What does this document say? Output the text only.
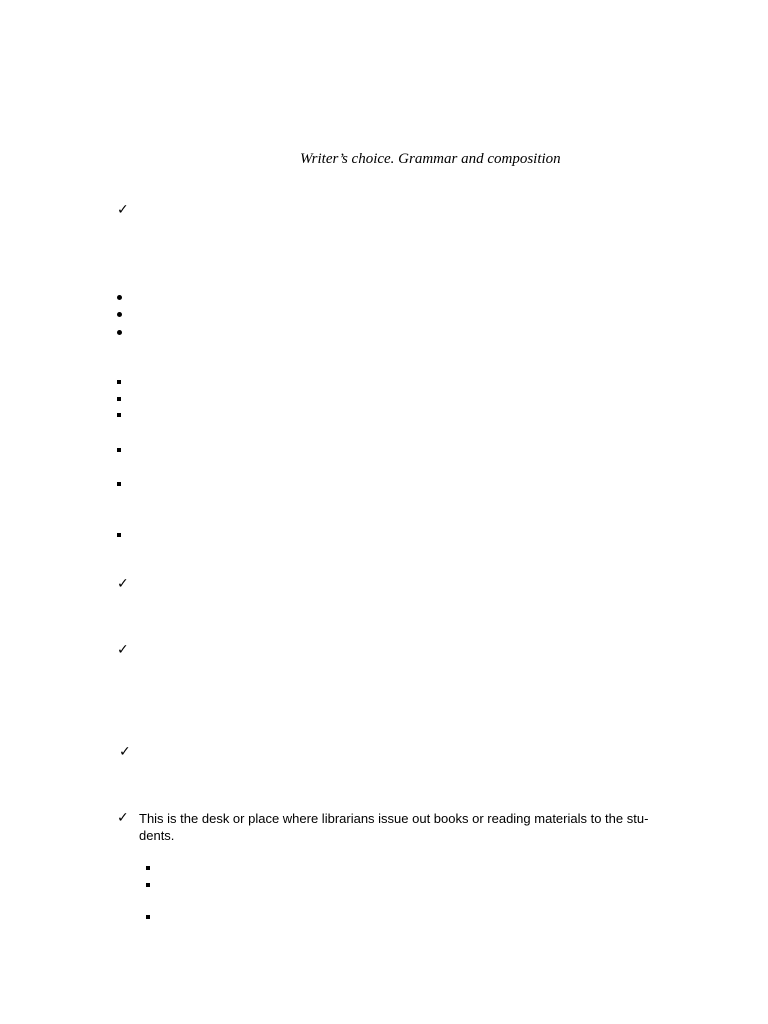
Writer’s choice. Grammar and composition
✓
✓
✓
✓
✓ This is the desk or place where librarians issue out books or reading materials to the stu-
dents.
